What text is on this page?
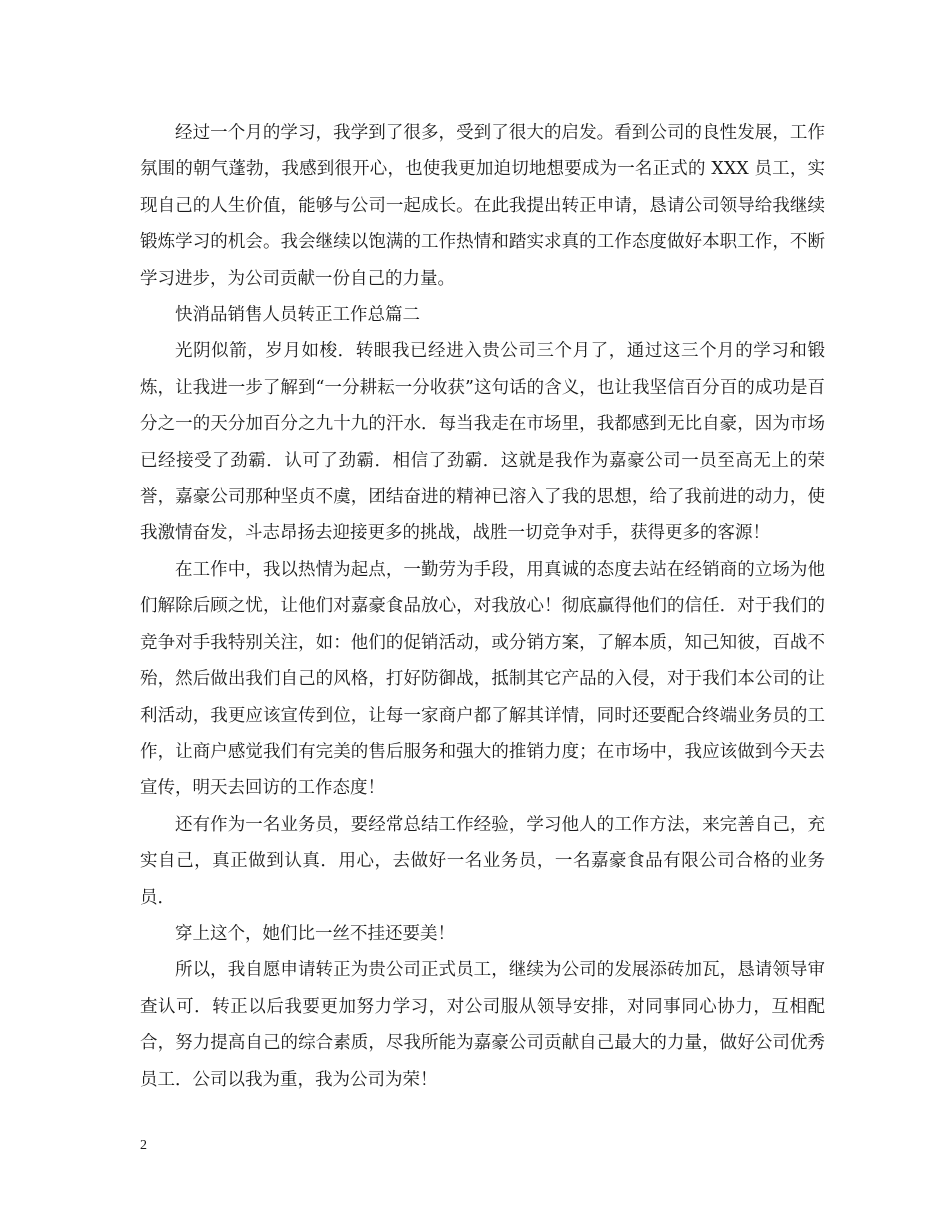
经过一个月的学习，我学到了很多，受到了很大的启发。看到公司的良性发展，工作氛围的朝气蓬勃，我感到很开心，也使我更加迫切地想要成为一名正式的 XXX 员工，实现自己的人生价值，能够与公司一起成长。在此我提出转正申请，恳请公司领导给我继续锻炼学习的机会。我会继续以饱满的工作热情和踏实求真的工作态度做好本职工作，不断学习进步，为公司贡献一份自己的力量。

快消品销售人员转正工作总篇二

光阴似箭，岁月如梭．转眼我已经进入贵公司三个月了，通过这三个月的学习和锻炼，让我进一步了解到“一分耕耘一分收获”这句话的含义，也让我坚信百分百的成功是百分之一的天分加百分之九十九的汗水．每当我走在市场里，我都感到无比自豪，因为市场已经接受了劲霸．认可了劲霸．相信了劲霸．这就是我作为嘉豪公司一员至高无上的荣誉，嘉豪公司那种坚贞不虞，团结奋进的精神已溶入了我的思想，给了我前进的动力，使我激情奋发，斗志昂扬去迎接更多的挑战，战胜一切竞争对手，获得更多的客源！

在工作中，我以热情为起点，一勤劳为手段，用真诚的态度去站在经销商的立场为他们解除后顾之忧，让他们对嘉豪食品放心，对我放心！彻底赢得他们的信任．对于我们的竞争对手我特别关注，如：他们的促销活动，或分销方案，了解本质，知己知彼，百战不殆，然后做出我们自己的风格，打好防御战，抵制其它产品的入侵，对于我们本公司的让利活动，我更应该宣传到位，让每一家商户都了解其详情，同时还要配合终端业务员的工作，让商户感觉我们有完美的售后服务和强大的推销力度；在市场中，我应该做到今天去宣传，明天去回访的工作态度！

还有作为一名业务员，要经常总结工作经验，学习他人的工作方法，来完善自己，充实自己，真正做到认真．用心，去做好一名业务员，一名嘉豪食品有限公司合格的业务员．

穿上这个，她们比一丝不挂还要美！

所以，我自愿申请转正为贵公司正式员工，继续为公司的发展添砖加瓦，恳请领导审查认可．转正以后我要更加努力学习，对公司服从领导安排，对同事同心协力，互相配合，努力提高自己的综合素质，尽我所能为嘉豪公司贡献自己最大的力量，做好公司优秀员工．公司以我为重，我为公司为荣！

2
